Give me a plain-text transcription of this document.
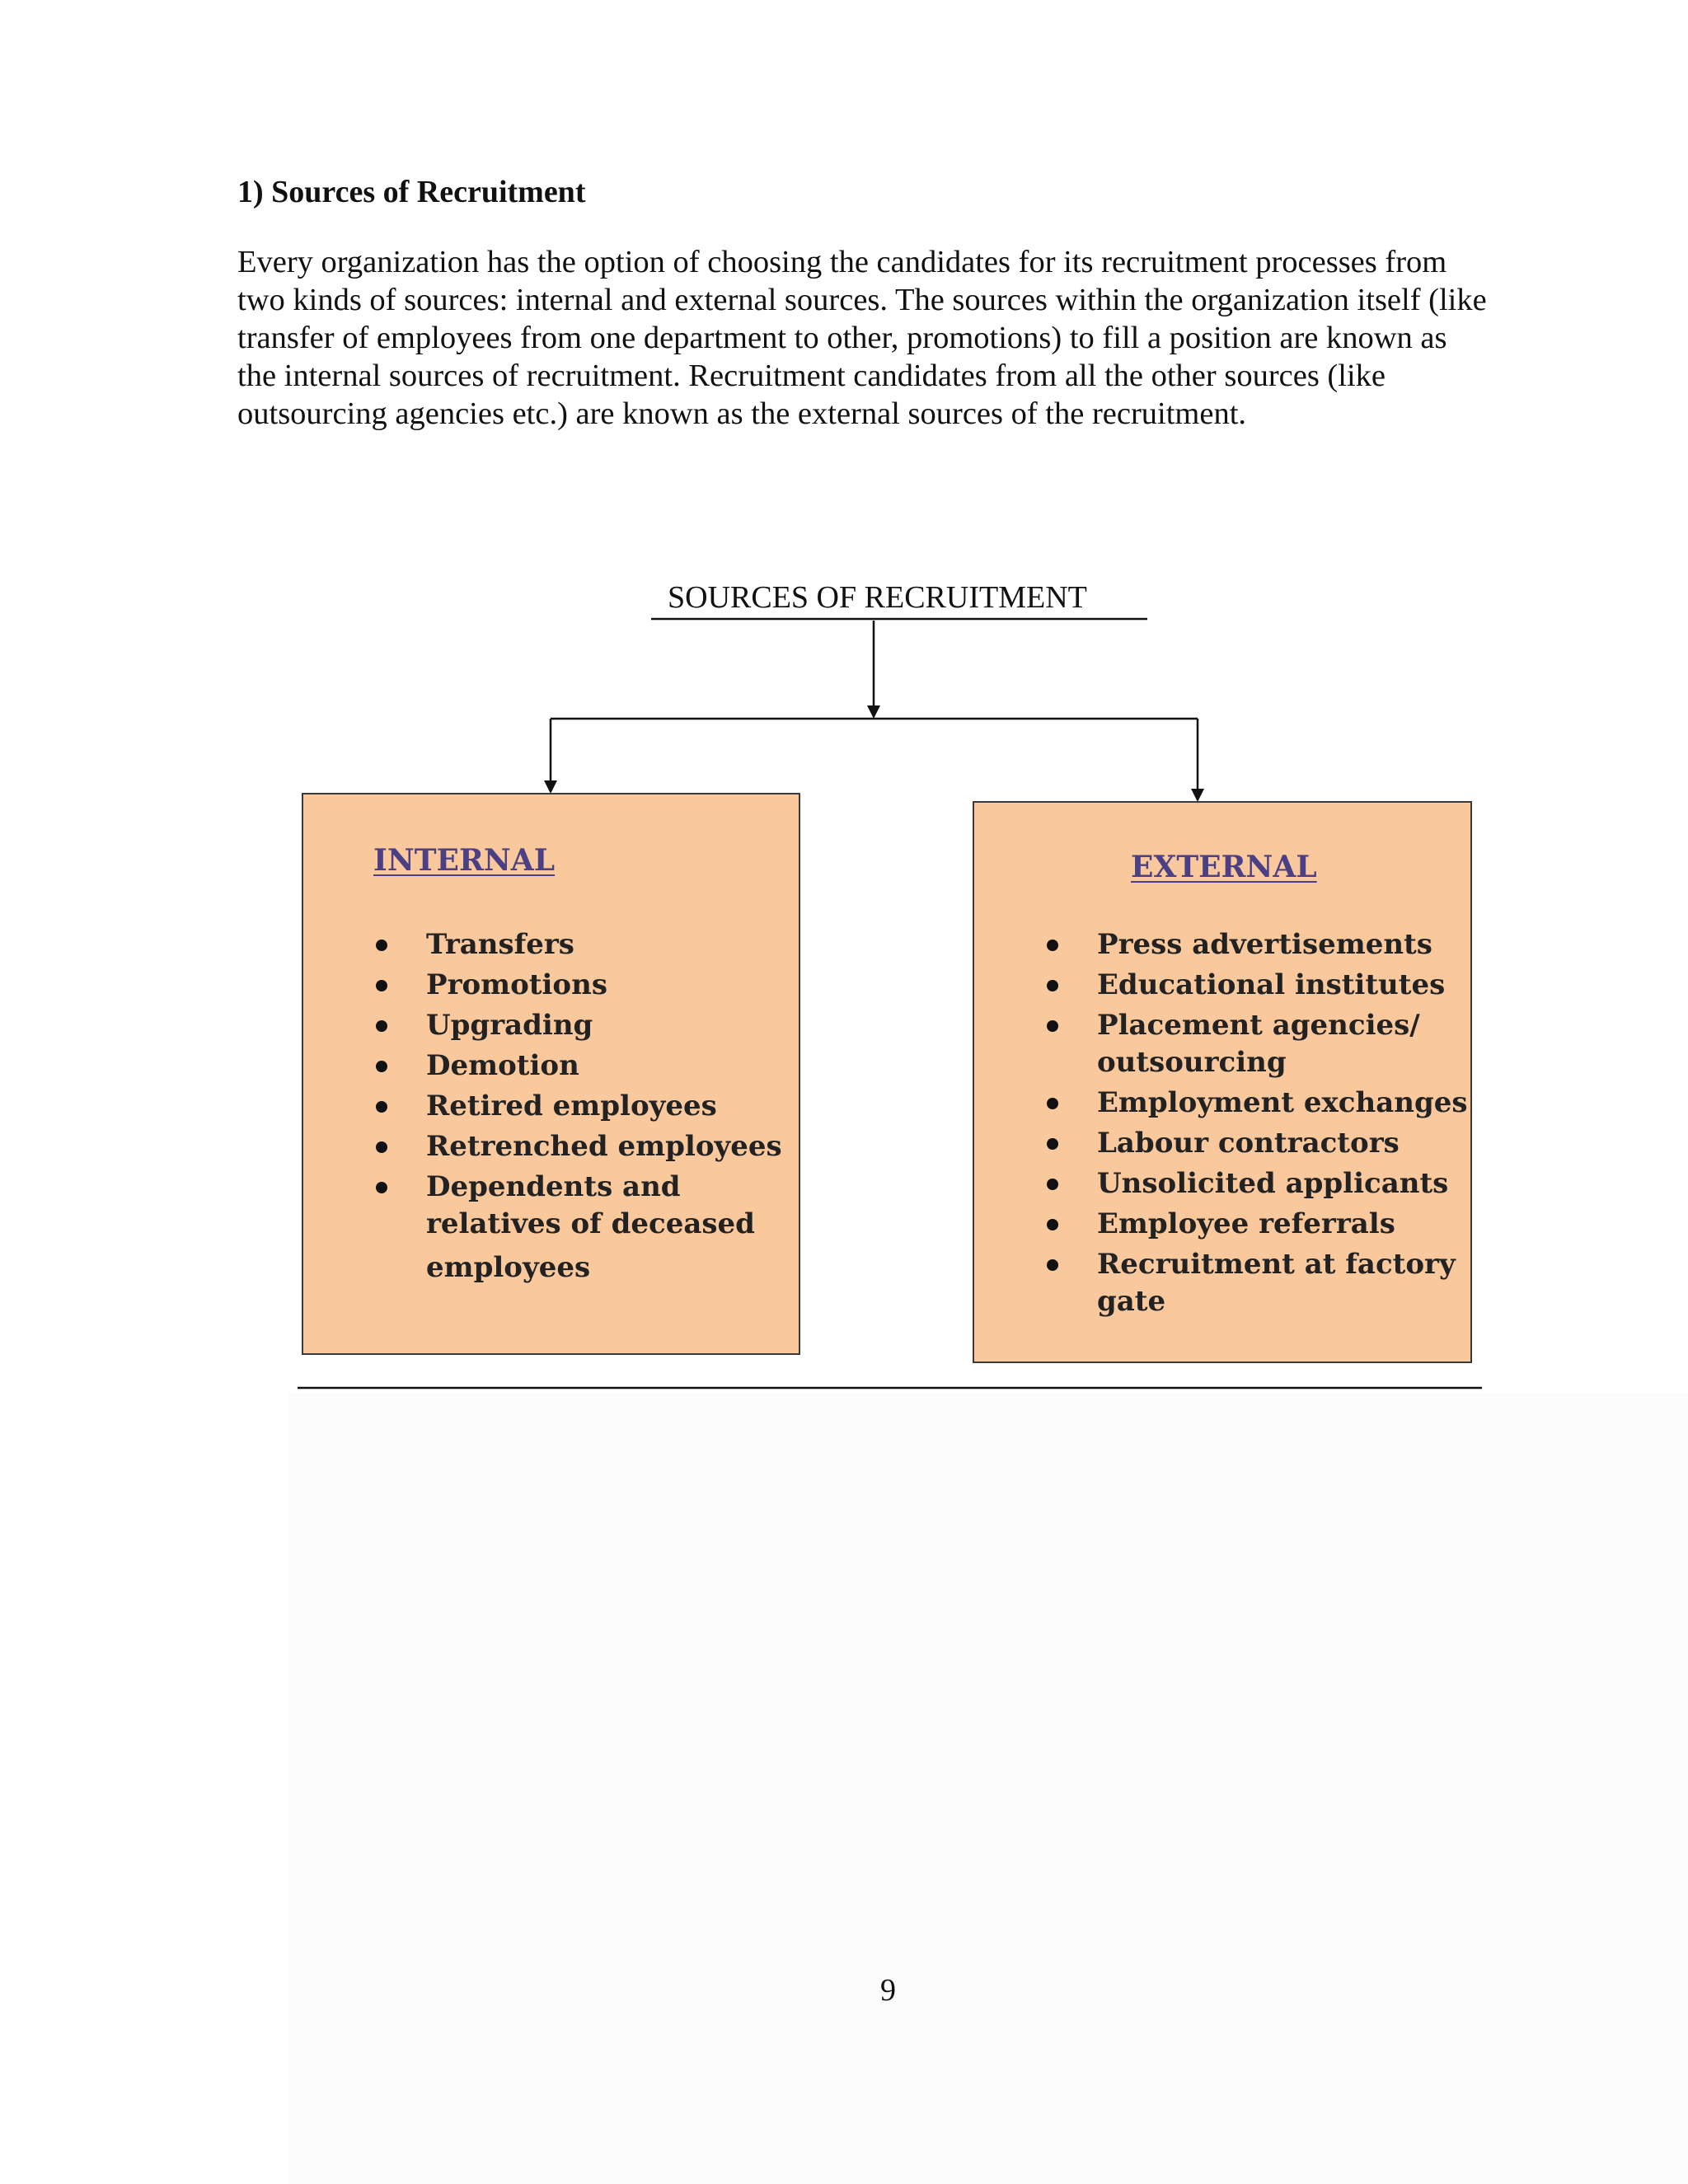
1) Sources of Recruitment
Every organization has the option of choosing the candidates for its recruitment processes from
two kinds of sources: internal and external sources. The sources within the organization itself (like
transfer of employees from one department to other, promotions) to fill a position are known as
the internal sources of recruitment. Recruitment candidates from all the other sources (like
outsourcing agencies etc.) are known as the external sources of the recruitment.

SOURCES OF RECRUITMENT

INTERNAL

Transfers
Promotions
Upgrading
Demotion
Retired employees
Retrenched employees
Dependents and
relatives of deceased
employees

EXTERNAL

Press advertisements
Educational institutes
Placement agencies/
outsourcing
Employment exchanges
Labour contractors
Unsolicited applicants
Employee referrals
Recruitment at factory
gate

9
